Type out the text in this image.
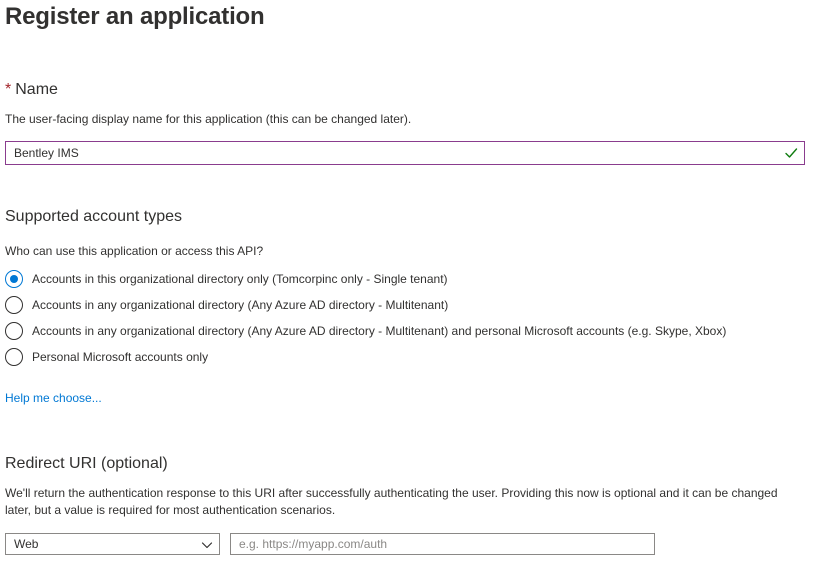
Register an application
* Name
The user-facing display name for this application (this can be changed later).
Bentley IMS
Supported account types
Who can use this application or access this API?
Accounts in this organizational directory only (Tomcorpinc only - Single tenant)
Accounts in any organizational directory (Any Azure AD directory - Multitenant)
Accounts in any organizational directory (Any Azure AD directory - Multitenant) and personal Microsoft accounts (e.g. Skype, Xbox)
Personal Microsoft accounts only
Help me choose...
Redirect URI (optional)
We'll return the authentication response to this URI after successfully authenticating the user. Providing this now is optional and it can be changed later, but a value is required for most authentication scenarios.
Web
e.g. https://myapp.com/auth
